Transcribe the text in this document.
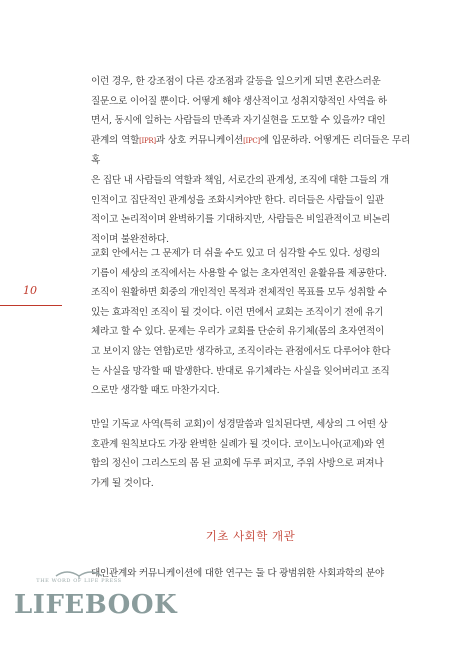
이런 경우, 한 강조점이 다른 강조점과 갈등을 일으키게 되면 혼란스러운
질문으로 이어질 뿐이다. 어떻게 해야 생산적이고 성취지향적인 사역을 하
면서, 동시에 일하는 사람들의 만족과 자기실현을 도모할 수 있을까? 대인
관계의 역할[IPR]과 상호 커뮤니케이션[IPC]에 입문하라. 어떻게든 리더들은 무리 혹
은 집단 내 사람들의 역할과 책임, 서로간의 관계성, 조직에 대한 그들의 개
인적이고 집단적인 관계성을 조화시켜야만 한다. 리더들은 사람들이 일관
적이고 논리적이며 완벽하기를 기대하지만, 사람들은 비일관적이고 비논리
적이며 불완전하다.

10

교회 안에서는 그 문제가 더 쉬울 수도 있고 더 심각할 수도 있다. 성령의
기름이 세상의 조직에서는 사용할 수 없는 초자연적인 윤활유를 제공한다.
조직이 원활하면 회중의 개인적인 목적과 전체적인 목표를 모두 성취할 수
있는 효과적인 조직이 될 것이다. 이런 면에서 교회는 조직이기 전에 유기
체라고 할 수 있다. 문제는 우리가 교회를 단순히 유기체(몸의 초자연적이
고 보이지 않는 연합)로만 생각하고, 조직이라는 관점에서도 다루어야 한다
는 사실을 망각할 때 발생한다. 반대로 유기체라는 사실을 잊어버리고 조직
으로만 생각할 때도 마찬가지다.

만일 기독교 사역(특히 교회)이 성경말씀과 일치된다면, 세상의 그 어떤 상
호관계 원칙보다도 가장 완벽한 실례가 될 것이다. 코이노니아(교제)와 연
합의 정신이 그리스도의 몸 된 교회에 두루 퍼지고, 주위 사방으로 퍼져나
가게 될 것이다.

기초 사회학 개관

대인관계와 커뮤니케이션에 대한 연구는 둘 다 광범위한 사회과학의 분야

THE WORD OF LIFE PRESS
LIFEBOOK
